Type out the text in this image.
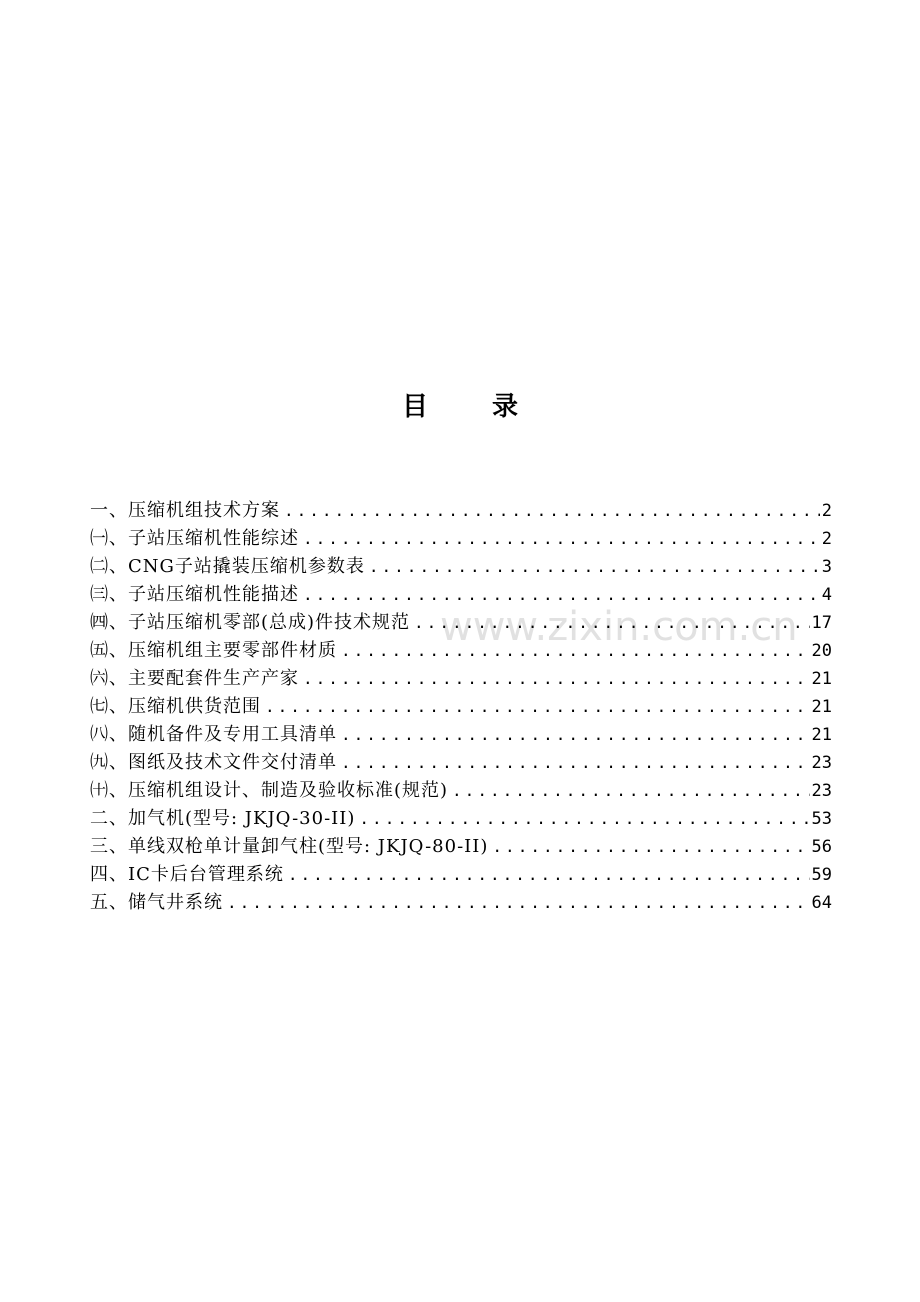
目 录
www.zixin.com.cn
一、压缩机组技术方案 .....	2
㈠、子站压缩机性能综述 .....	2
㈡、CNG子站撬装压缩机参数表 .....	3
㈢、子站压缩机性能描述 .....	4
㈣、子站压缩机零部(总成)件技术规范 .....	17
㈤、压缩机组主要零部件材质 .....	20
㈥、主要配套件生产产家 .....	21
㈦、压缩机供货范围 .....	21
㈧、随机备件及专用工具清单 .....	21
㈨、图纸及技术文件交付清单 .....	23
㈩、压缩机组设计、制造及验收标准(规范) .....	23
二、加气机(型号: JKJQ-30-II) .....	53
三、单线双枪单计量卸气柱(型号: JKJQ-80-II) .....	56
四、IC卡后台管理系统 .....	59
五、储气井系统 .....	64
